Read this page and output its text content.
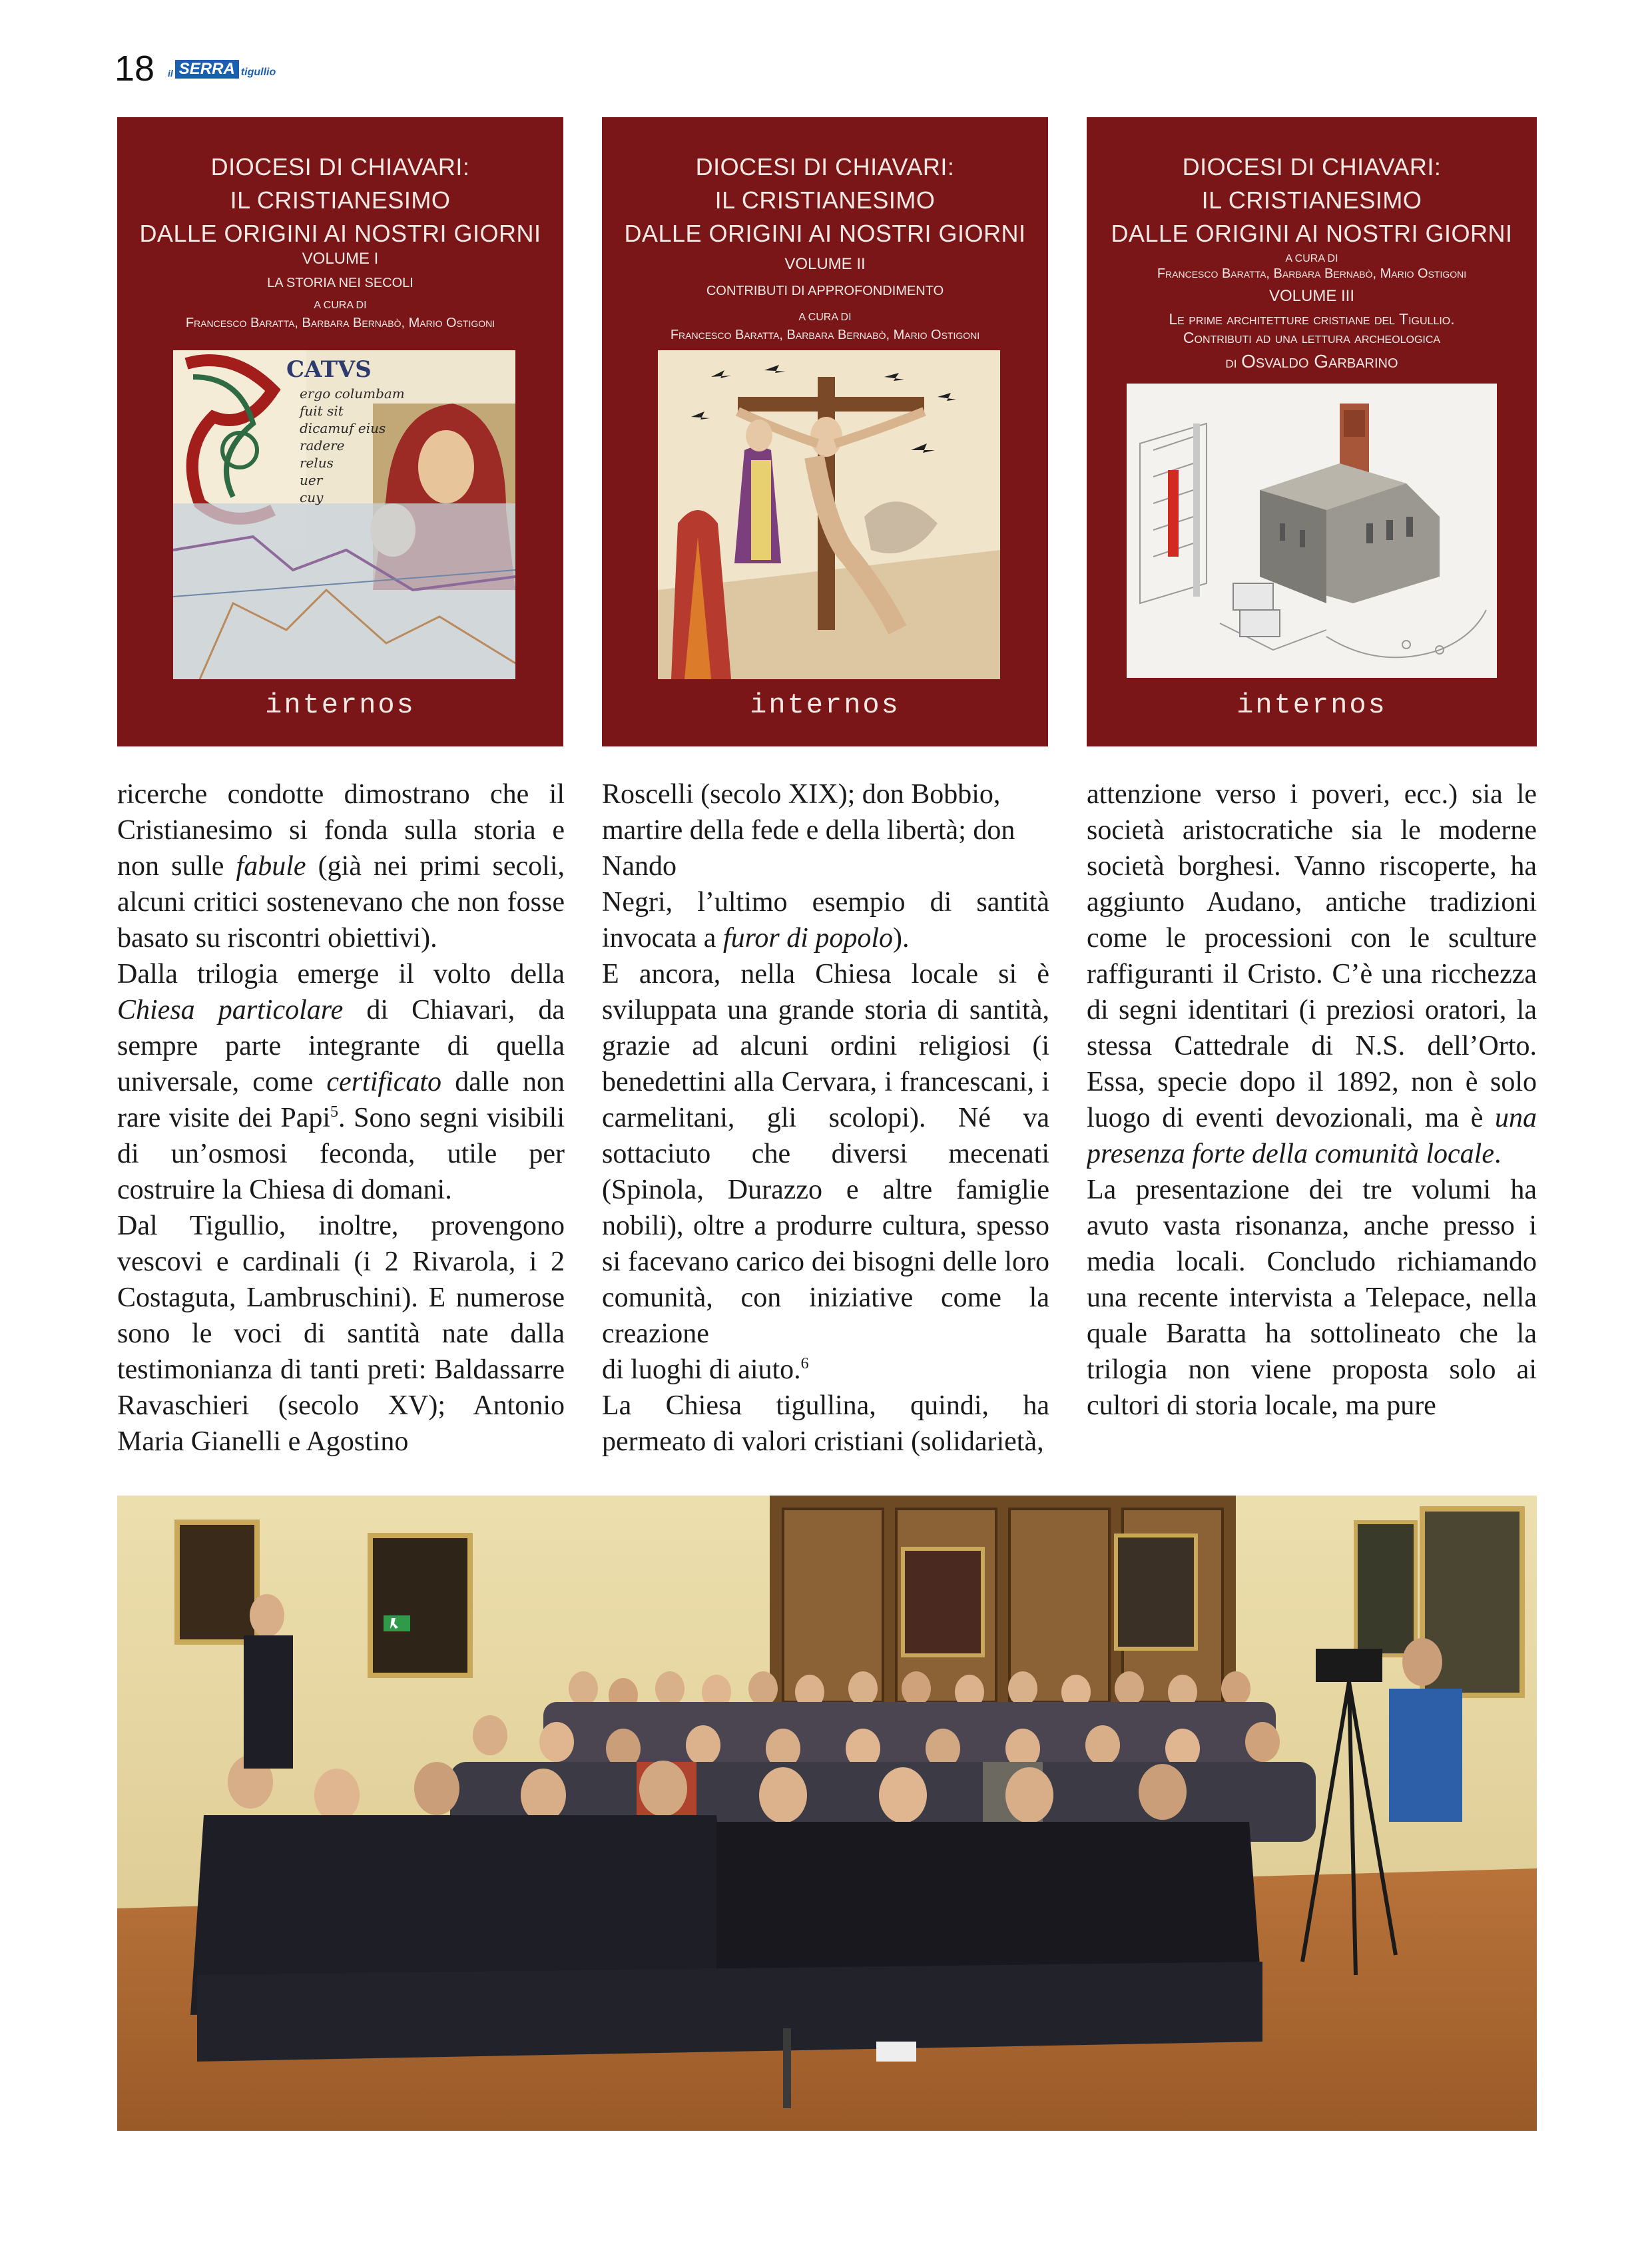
18 il SERRA tigullio
DIOCESI DI CHIAVARI:
IL CRISTIANESIMO
DALLE ORIGINI AI NOSTRI GIORNI
VOLUME I
LA STORIA NEI SECOLI
A CURA DI
Francesco Baratta, Barbara Bernabò, Mario Ostigoni
CATVS
ergo columbam
fuit sit
dicamuf eius
radere
relus
uer
cuy
internos
DIOCESI DI CHIAVARI:
IL CRISTIANESIMO
DALLE ORIGINI AI NOSTRI GIORNI
VOLUME II
CONTRIBUTI DI APPROFONDIMENTO
A CURA DI
Francesco Baratta, Barbara Bernabò, Mario Ostigoni
internos
DIOCESI DI CHIAVARI:
IL CRISTIANESIMO
DALLE ORIGINI AI NOSTRI GIORNI
A CURA DI
Francesco Baratta, Barbara Bernabò, Mario Ostigoni
VOLUME III
Le prime architetture cristiane del Tigullio.
Contributi ad una lettura archeologica
di Osvaldo Garbarino
internos

ricerche condotte dimostrano che il Cristianesimo si fonda sulla storia e non sulle fabule (già nei primi secoli, alcuni critici sostenevano che non fosse basato su riscontri obiettivi).

Dalla trilogia emerge il volto della Chiesa particolare di Chiavari, da sempre parte integrante di quella universale, come certificato dalle non rare visite dei Papi$^5$. Sono segni visibili di un’osmosi feconda, utile per costruire la Chiesa di domani.

Dal Tigullio, inoltre, provengono vescovi e cardinali (i 2 Rivarola, i 2 Costaguta, Lambruschini). E numerose sono le voci di santità nate dalla testimonianza di tanti preti: Baldassarre Ravaschieri (secolo XV); Antonio Maria Gianelli e Agostino

Roscelli (secolo XIX); don Bobbio, martire della fede e della libertà; don Nando

Negri, l’ultimo esempio di santità invocata a furor di popolo).

E ancora, nella Chiesa locale si è sviluppata una grande storia di santità, grazie ad alcuni ordini religiosi (i benedettini alla Cervara, i francescani, i carmelitani, gli scolopi). Né va sottaciuto che diversi mecenati (Spinola, Durazzo e altre famiglie nobili), oltre a produrre cultura, spesso si facevano carico dei bisogni delle loro comunità, con iniziative come la creazione

di luoghi di aiuto.$^6$

La Chiesa tigullina, quindi, ha permeato di valori cristiani (solidarietà,

attenzione verso i poveri, ecc.) sia le società aristocratiche sia le moderne società borghesi. Vanno riscoperte, ha aggiunto Audano, antiche tradizioni come le processioni con le sculture raffiguranti il Cristo. C’è una ricchezza di segni identitari (i preziosi oratori, la stessa Cattedrale di N.S. dell’Orto. Essa, specie dopo il 1892, non è solo luogo di eventi devozionali, ma è una presenza forte della comunità locale.

La presentazione dei tre volumi ha avuto vasta risonanza, anche presso i media locali. Concludo richiamando una recente intervista a Telepace, nella quale Baratta ha sottolineato che la trilogia non viene proposta solo ai cultori di storia locale, ma pure
